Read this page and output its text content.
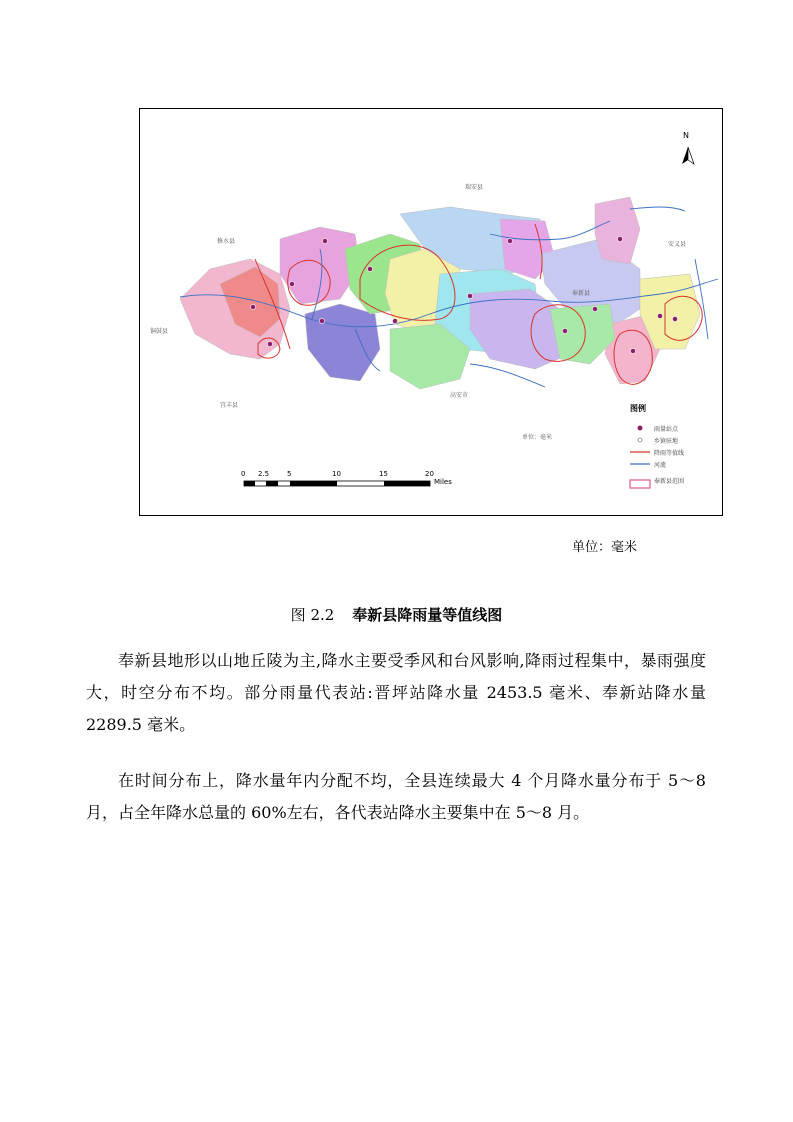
N
瑞安县
修水县
铜鼓县
宜丰县
高安市
安义县
单位：毫米
奉新县
图例
雨量站点
乡镇驻地
降雨等值线
河流
奉新县范围
0 2.5	5	10	15	20
Miles
单位：毫米
图 2.2 奉新县降雨量等值线图

奉新县地形以山地丘陵为主,降水主要受季风和台风影响,降雨过程集中，暴雨强度大，时空分布不均。部分雨量代表站:晋坪站降水量 2453.5 毫米、奉新站降水量 2289.5 毫米。

在时间分布上，降水量年内分配不均，全县连续最大 4 个月降水量分布于 5～8 月，占全年降水总量的 60%左右，各代表站降水主要集中在 5～8 月。
